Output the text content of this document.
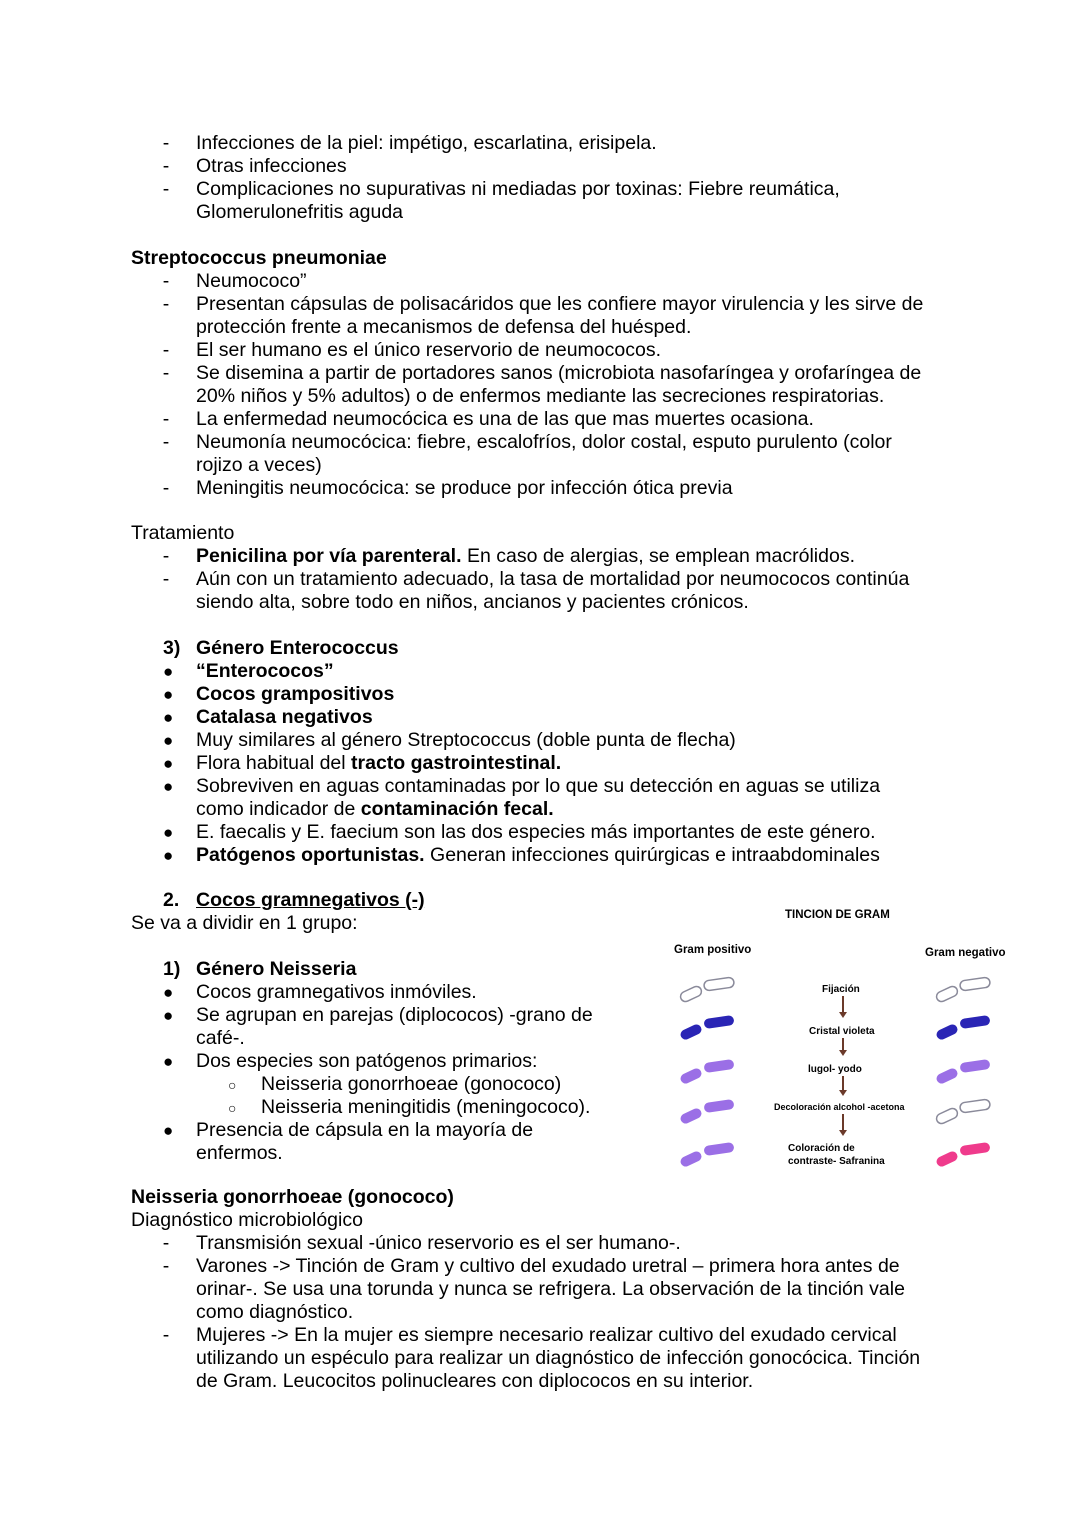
- Infecciones de la piel: impétigo, escarlatina, erisipela.
- Otras infecciones
- Complicaciones no supurativas ni mediadas por toxinas: Fiebre reumática,
Glomerulonefritis aguda
Streptococcus pneumoniae
- Neumococo”
- Presentan cápsulas de polisacáridos que les confiere mayor virulencia y les sirve de
protección frente a mecanismos de defensa del huésped.
- El ser humano es el único reservorio de neumococos.
- Se disemina a partir de portadores sanos (microbiota nasofaríngea y orofaríngea de
20% niños y 5% adultos) o de enfermos mediante las secreciones respiratorias.
- La enfermedad neumocócica es una de las que mas muertes ocasiona.
- Neumonía neumocócica: fiebre, escalofríos, dolor costal, esputo purulento (color
rojizo a veces)
- Meningitis neumocócica: se produce por infección ótica previa
Tratamiento
- Penicilina por vía parenteral. En caso de alergias, se emplean macrólidos.
- Aún con un tratamiento adecuado, la tasa de mortalidad por neumococos continúa
siendo alta, sobre todo en niños, ancianos y pacientes crónicos.
3) Género Enterococcus
● “Enterococos”
● Cocos grampositivos
● Catalasa negativos
● Muy similares al género Streptococcus (doble punta de flecha)
● Flora habitual del tracto gastrointestinal.
● Sobreviven en aguas contaminadas por lo que su detección en aguas se utiliza
como indicador de contaminación fecal.
● E. faecalis y E. faecium son las dos especies más importantes de este género.
● Patógenos oportunistas. Generan infecciones quirúrgicas e intraabdominales
2. Cocos gramnegativos (-)
Se va a dividir en 1 grupo:
1) Género Neisseria
● Cocos gramnegativos inmóviles.
● Se agrupan en parejas (diplococos) -grano de
café-.
● Dos especies son patógenos primarios:
○ Neisseria gonorrhoeae (gonococo)
○ Neisseria meningitidis (meningococo).
● Presencia de cápsula en la mayoría de
enfermos.
TINCION DE GRAM
Gram positivo	Gram negativo
Fijación
Cristal violeta
lugol- yodo
Decoloración alcohol -acetona
Coloración de
contraste- Safranina
Neisseria gonorrhoeae (gonococo)
Diagnóstico microbiológico
- Transmisión sexual -único reservorio es el ser humano-.
- Varones -> Tinción de Gram y cultivo del exudado uretral – primera hora antes de
orinar-. Se usa una torunda y nunca se refrigera. La observación de la tinción vale
como diagnóstico.
- Mujeres -> En la mujer es siempre necesario realizar cultivo del exudado cervical
utilizando un espéculo para realizar un diagnóstico de infección gonocócica. Tinción
de Gram. Leucocitos polinucleares con diplococos en su interior.
